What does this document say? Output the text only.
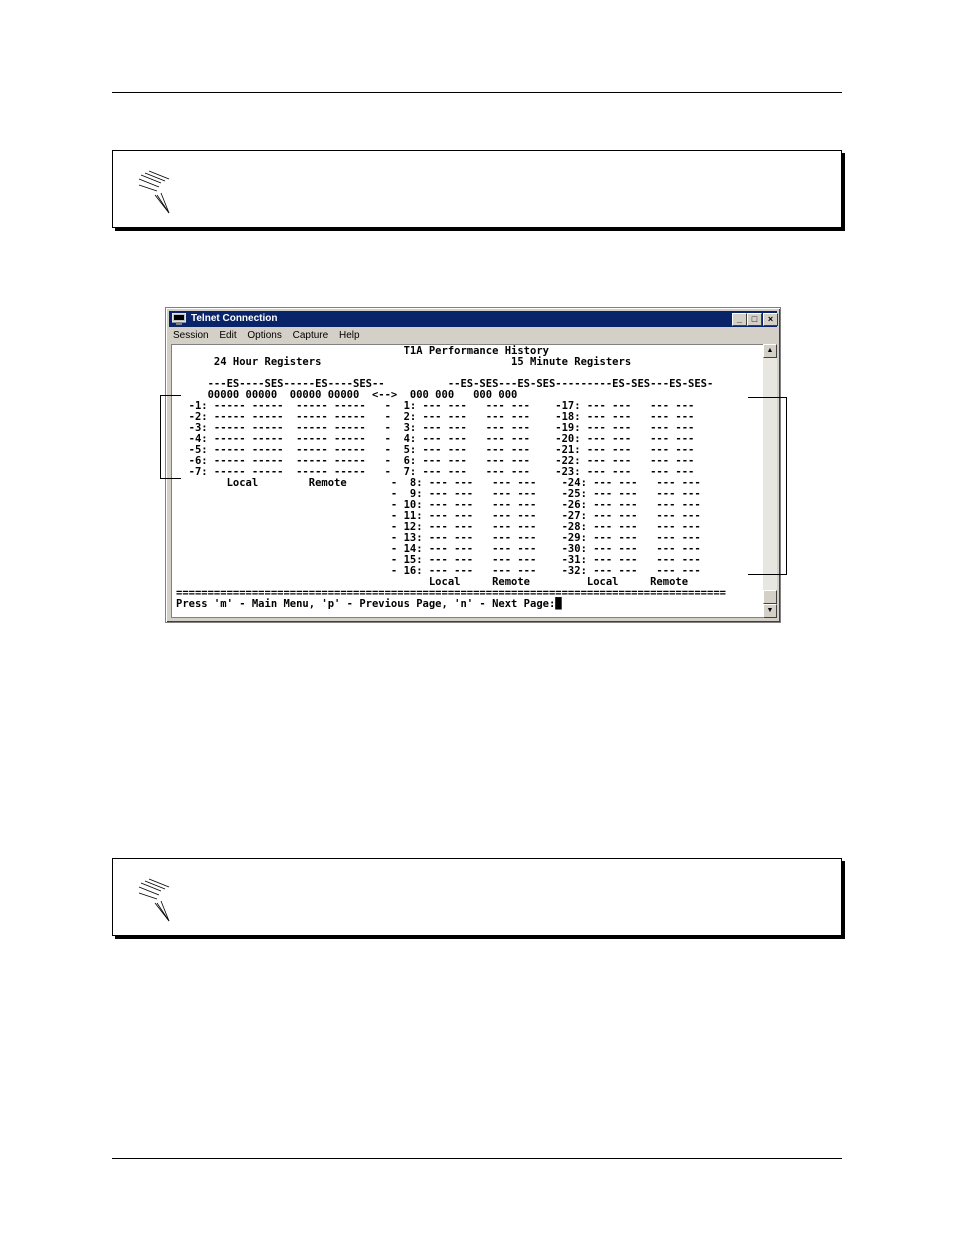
Telnet Connection	_	□	×
Session Edit Options Capture Help
T1A Performance History
24 Hour Registers                              15 Minute Registers

---ES----SES-----ES----SES--          --ES-SES---ES-SES---------ES-SES---ES-SES-
00000 00000  00000 00000  <-->  000 000   000 000
-1: ----- -----  ----- -----   -  1: --- ---   --- ---    -17: --- ---   --- ---
-2: ----- -----  ----- -----   -  2: --- ---   --- ---    -18: --- ---   --- ---
-3: ----- -----  ----- -----   -  3: --- ---   --- ---    -19: --- ---   --- ---
-4: ----- -----  ----- -----   -  4: --- ---   --- ---    -20: --- ---   --- ---
-5: ----- -----  ----- -----   -  5: --- ---   --- ---    -21: --- ---   --- ---
-6: ----- -----  ----- -----   -  6: --- ---   --- ---    -22: --- ---   --- ---
-7: ----- -----  ----- -----   -  7: --- ---   --- ---    -23: --- ---   --- ---
Local        Remote       -  8: --- ---   --- ---    -24: --- ---   --- ---
-  9: --- ---   --- ---    -25: --- ---   --- ---
- 10: --- ---   --- ---    -26: --- ---   --- ---
- 11: --- ---   --- ---    -27: --- ---   --- ---
- 12: --- ---   --- ---    -28: --- ---   --- ---
- 13: --- ---   --- ---    -29: --- ---   --- ---
- 14: --- ---   --- ---    -30: --- ---   --- ---
- 15: --- ---   --- ---    -31: --- ---   --- ---
- 16: --- ---   --- ---    -32: --- ---   --- ---
Local     Remote         Local     Remote
=======================================================================================
Press 'm' - Main Menu, 'p' - Previous Page, 'n' - Next Page:█
▲
▼
